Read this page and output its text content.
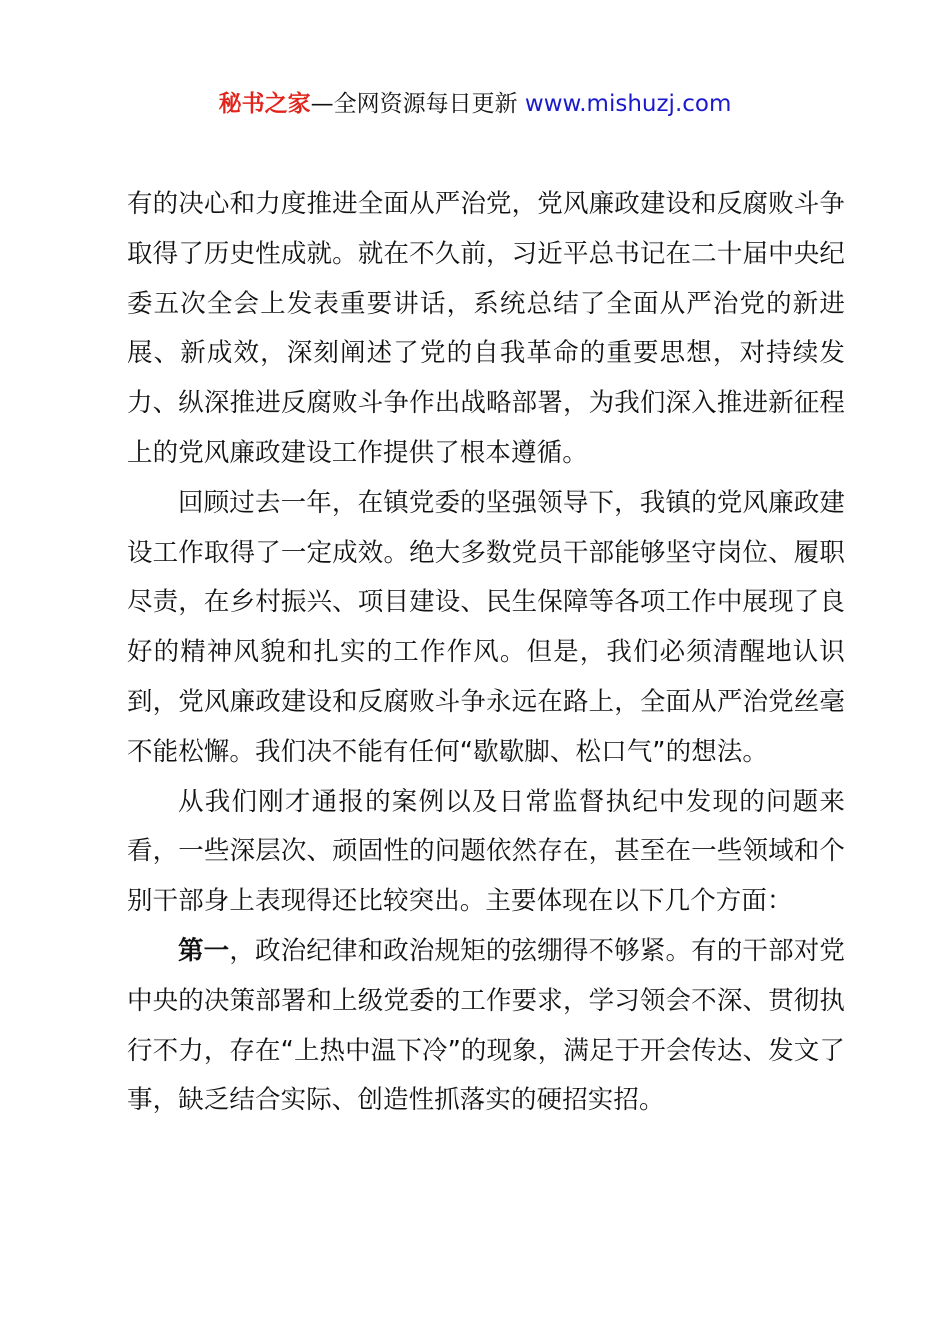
秘书之家—全网资源每日更新 www.mishuzj.com

有的决心和力度推进全面从严治党，党风廉政建设和反腐败斗争取得了历史性成就。就在不久前，习近平总书记在二十届中央纪委五次全会上发表重要讲话，系统总结了全面从严治党的新进展、新成效，深刻阐述了党的自我革命的重要思想，对持续发力、纵深推进反腐败斗争作出战略部署，为我们深入推进新征程上的党风廉政建设工作提供了根本遵循。

回顾过去一年，在镇党委的坚强领导下，我镇的党风廉政建设工作取得了一定成效。绝大多数党员干部能够坚守岗位、履职尽责，在乡村振兴、项目建设、民生保障等各项工作中展现了良好的精神风貌和扎实的工作作风。但是，我们必须清醒地认识到，党风廉政建设和反腐败斗争永远在路上，全面从严治党丝毫不能松懈。我们决不能有任何“歇歇脚、松口气”的想法。

从我们刚才通报的案例以及日常监督执纪中发现的问题来看，一些深层次、顽固性的问题依然存在，甚至在一些领域和个别干部身上表现得还比较突出。主要体现在以下几个方面：

第一，政治纪律和政治规矩的弦绷得不够紧。有的干部对党中央的决策部署和上级党委的工作要求，学习领会不深、贯彻执行不力，存在“上热中温下冷”的现象，满足于开会传达、发文了事，缺乏结合实际、创造性抓落实的硬招实招。
